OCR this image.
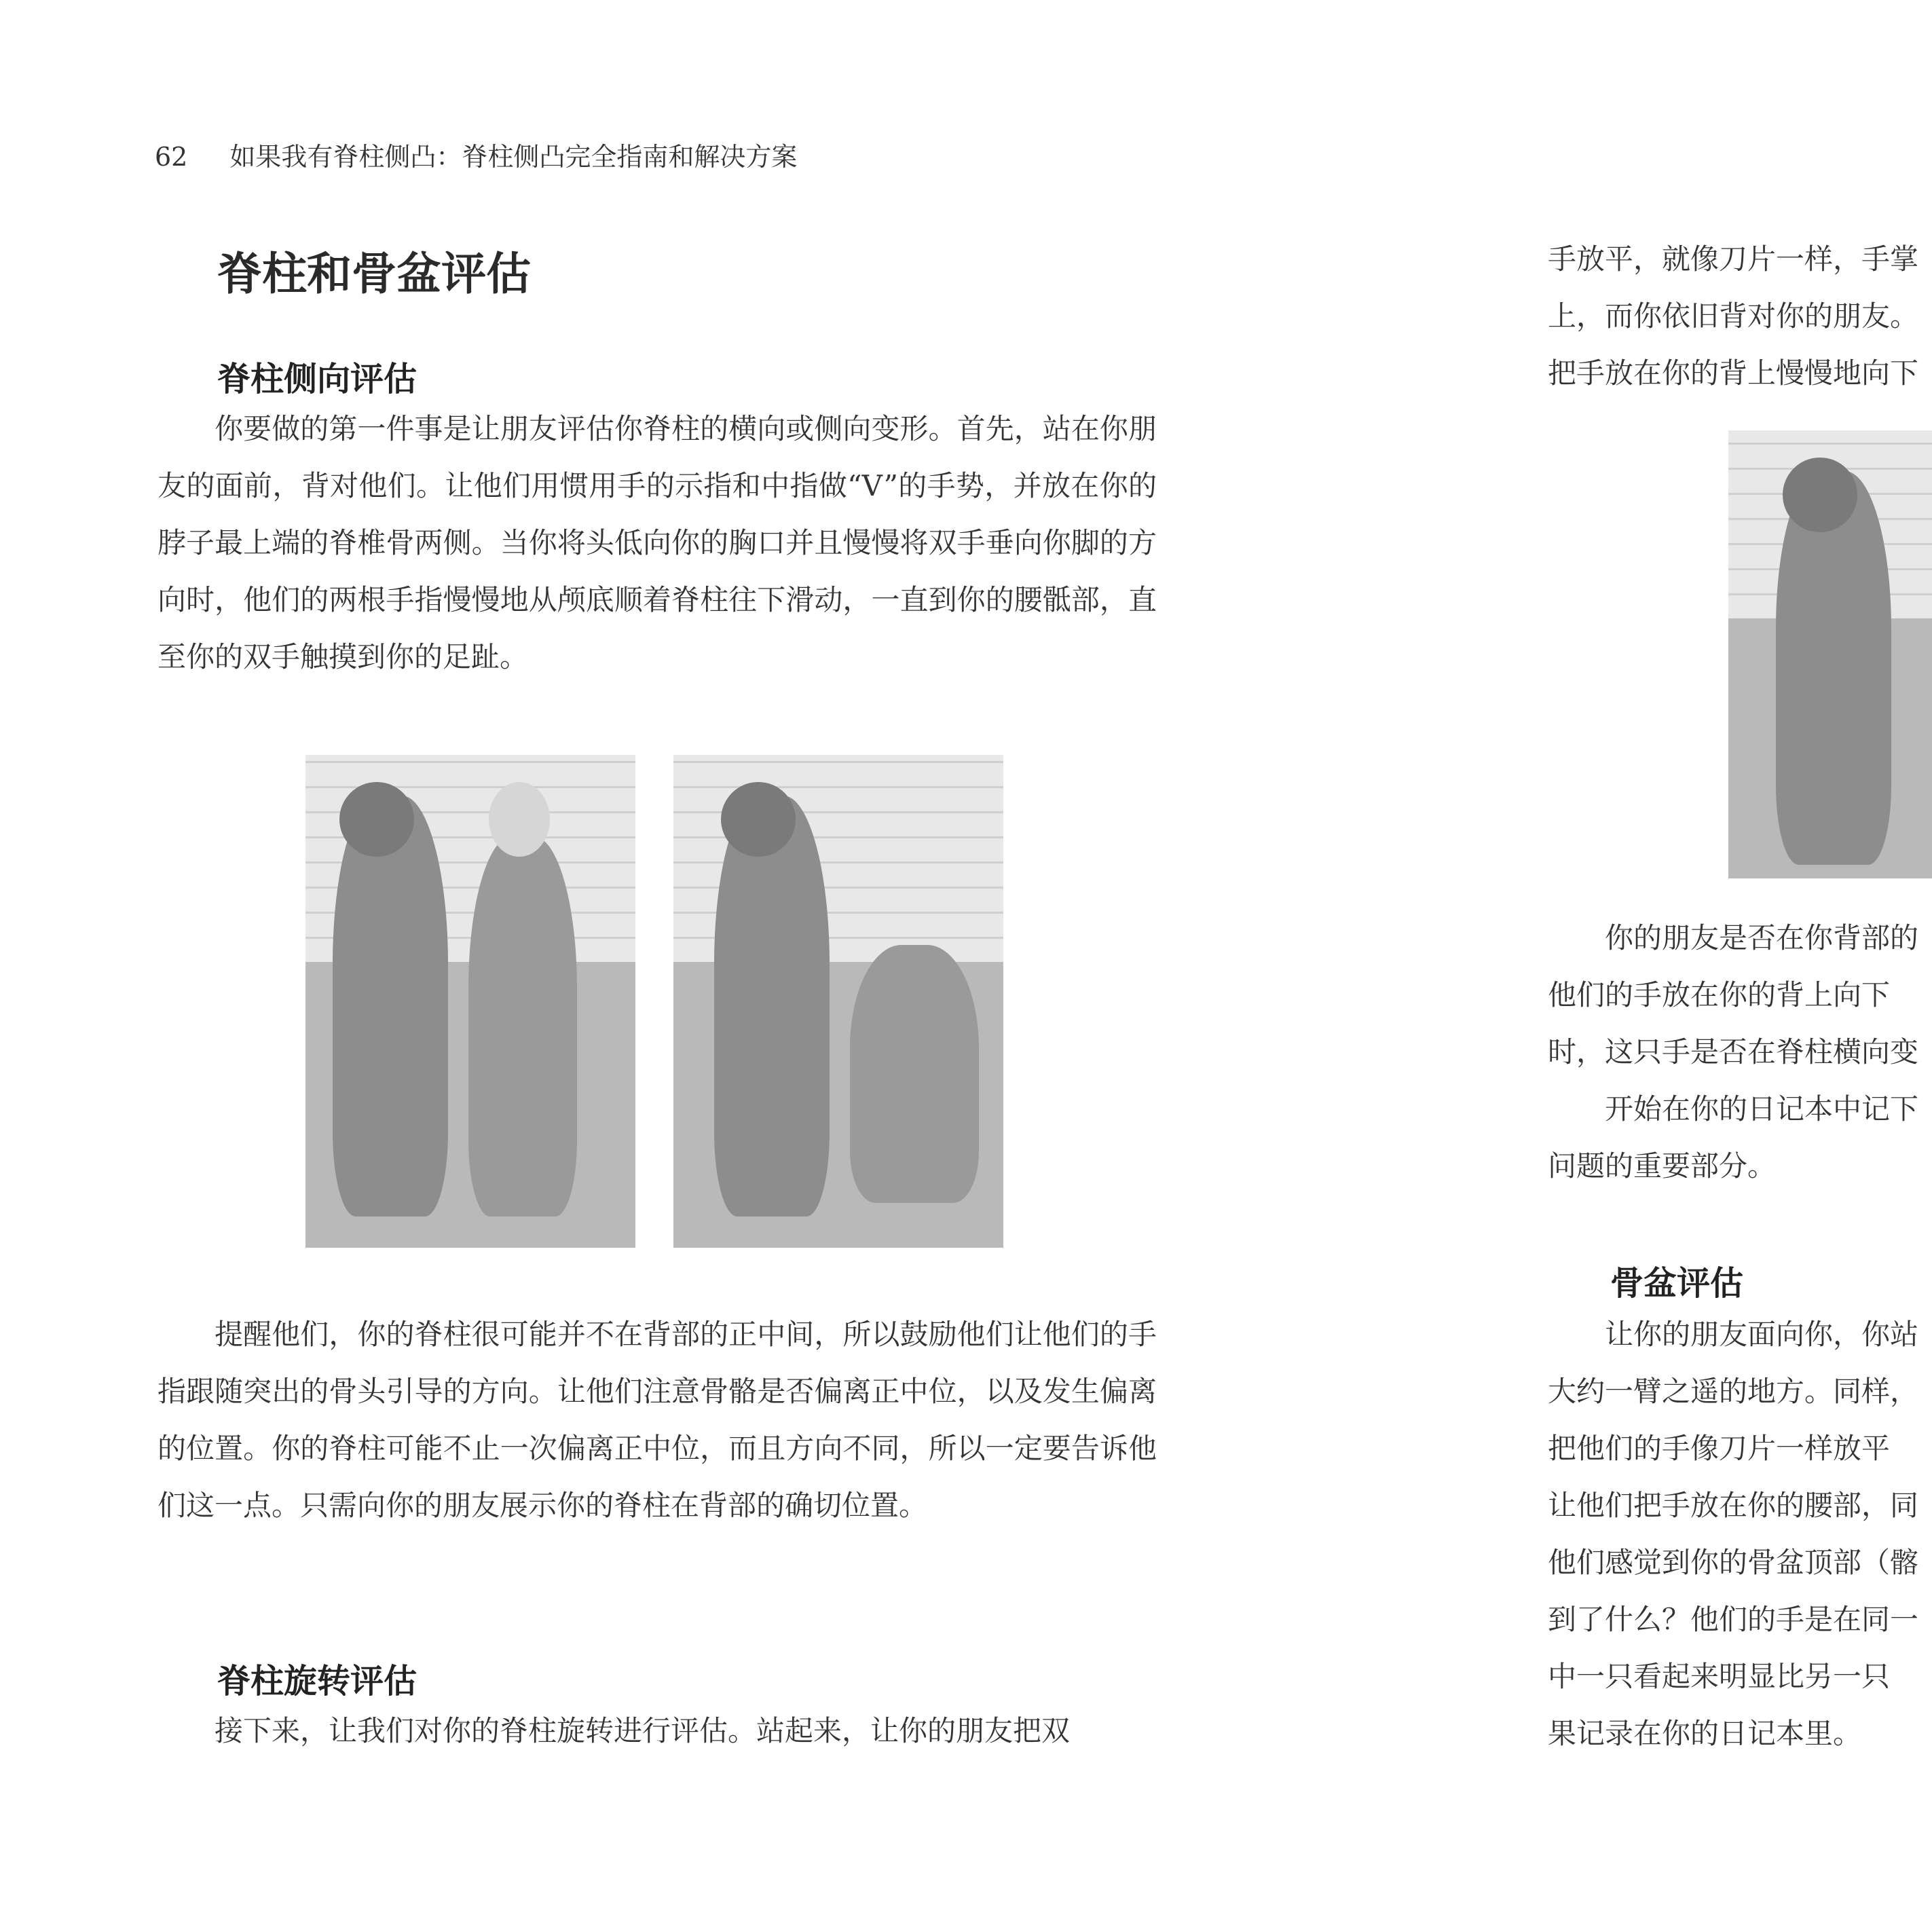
62 如果我有脊柱侧凸：脊柱侧凸完全指南和解决方案
脊柱和骨盆评估
脊柱侧向评估
　　你要做的第一件事是让朋友评估你脊柱的横向或侧向变形。首先，站在你朋友的面前，背对他们。让他们用惯用手的示指和中指做“V”的手势，并放在你的脖子最上端的脊椎骨两侧。当你将头低向你的胸口并且慢慢将双手垂向你脚的方向时，他们的两根手指慢慢地从颅底顺着脊柱往下滑动，一直到你的腰骶部，直至你的双手触摸到你的足趾。
　　提醒他们，你的脊柱很可能并不在背部的正中间，所以鼓励他们让他们的手指跟随突出的骨头引导的方向。让他们注意骨骼是否偏离正中位，以及发生偏离的位置。你的脊柱可能不止一次偏离正中位，而且方向不同，所以一定要告诉他们这一点。只需向你的朋友展示你的脊柱在背部的确切位置。
脊柱旋转评估
　　接下来，让我们对你的脊柱旋转进行评估。站起来，让你的朋友把双
手放平，就像刀片一样，手掌
上，而你依旧背对你的朋友。
把手放在你的背上慢慢地向下
　　你的朋友是否在你背部的
他们的手放在你的背上向下
时，这只手是否在脊柱横向变
　　开始在你的日记本中记下
问题的重要部分。
骨盆评估
　　让你的朋友面向你，你站
大约一臂之遥的地方。同样，
把他们的手像刀片一样放平
让他们把手放在你的腰部，同
他们感觉到你的骨盆顶部（髂
到了什么？他们的手是在同一
中一只看起来明显比另一只
果记录在你的日记本里。
